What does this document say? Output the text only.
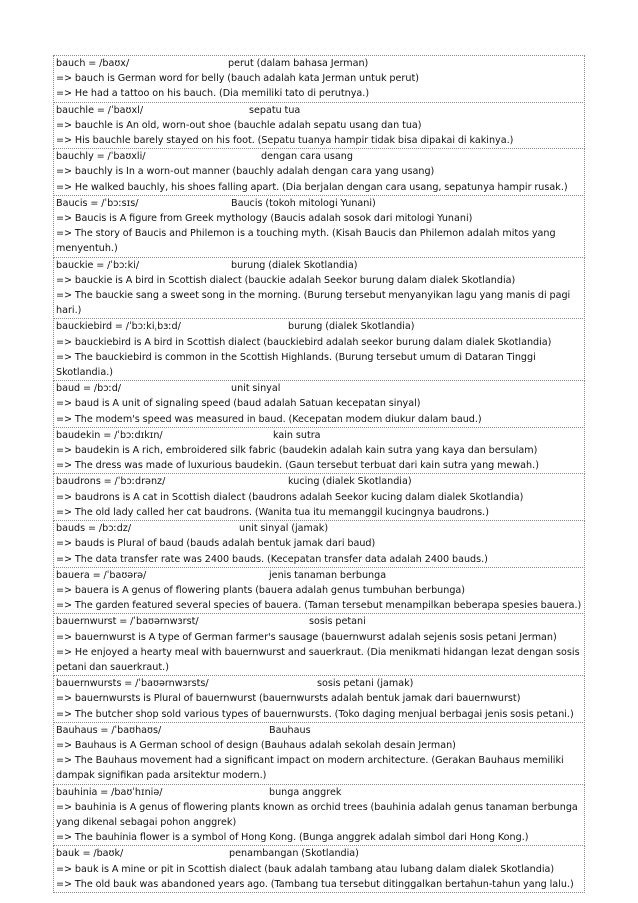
bauch = /baʊx/	perut (dalam bahasa Jerman)
=> bauch is German word for belly (bauch adalah kata Jerman untuk perut)
=> He had a tattoo on his bauch. (Dia memiliki tato di perutnya.)
bauchle = /ˈbaʊxl/	sepatu tua
=> bauchle is An old, worn-out shoe (bauchle adalah sepatu usang dan tua)
=> His bauchle barely stayed on his foot. (Sepatu tuanya hampir tidak bisa dipakai di kakinya.)
bauchly = /ˈbaʊxli/	dengan cara usang
=> bauchly is In a worn-out manner (bauchly adalah dengan cara yang usang)
=> He walked bauchly, his shoes falling apart. (Dia berjalan dengan cara usang, sepatunya hampir rusak.)
Baucis = /ˈbɔːsɪs/	Baucis (tokoh mitologi Yunani)
=> Baucis is A figure from Greek mythology (Baucis adalah sosok dari mitologi Yunani)
=> The story of Baucis and Philemon is a touching myth. (Kisah Baucis dan Philemon adalah mitos yang menyentuh.)
bauckie = /ˈbɔːki/	burung (dialek Skotlandia)
=> bauckie is A bird in Scottish dialect (bauckie adalah Seekor burung dalam dialek Skotlandia)
=> The bauckie sang a sweet song in the morning. (Burung tersebut menyanyikan lagu yang manis di pagi hari.)
bauckiebird = /ˈbɔːkiˌbɜːd/	burung (dialek Skotlandia)
=> bauckiebird is A bird in Scottish dialect (bauckiebird adalah seekor burung dalam dialek Skotlandia)
=> The bauckiebird is common in the Scottish Highlands. (Burung tersebut umum di Dataran Tinggi Skotlandia.)
baud = /bɔːd/	unit sinyal
=> baud is A unit of signaling speed (baud adalah Satuan kecepatan sinyal)
=> The modem's speed was measured in baud. (Kecepatan modem diukur dalam baud.)
baudekin = /ˈbɔːdɪkɪn/	kain sutra
=> baudekin is A rich, embroidered silk fabric (baudekin adalah kain sutra yang kaya dan bersulam)
=> The dress was made of luxurious baudekin. (Gaun tersebut terbuat dari kain sutra yang mewah.)
baudrons = /ˈbɔːdrənz/	kucing (dialek Skotlandia)
=> baudrons is A cat in Scottish dialect (baudrons adalah Seekor kucing dalam dialek Skotlandia)
=> The old lady called her cat baudrons. (Wanita tua itu memanggil kucingnya baudrons.)
bauds = /bɔːdz/	unit sinyal (jamak)
=> bauds is Plural of baud (bauds adalah bentuk jamak dari baud)
=> The data transfer rate was 2400 bauds. (Kecepatan transfer data adalah 2400 bauds.)
bauera = /ˈbaʊərə/	jenis tanaman berbunga
=> bauera is A genus of flowering plants (bauera adalah genus tumbuhan berbunga)
=> The garden featured several species of bauera. (Taman tersebut menampilkan beberapa spesies bauera.)
bauernwurst = /ˈbaʊərnwɜrst/	sosis petani
=> bauernwurst is A type of German farmer's sausage (bauernwurst adalah sejenis sosis petani Jerman)
=> He enjoyed a hearty meal with bauernwurst and sauerkraut. (Dia menikmati hidangan lezat dengan sosis petani dan sauerkraut.)
bauernwursts = /ˈbaʊərnwɜrsts/	sosis petani (jamak)
=> bauernwursts is Plural of bauernwurst (bauernwursts adalah bentuk jamak dari bauernwurst)
=> The butcher shop sold various types of bauernwursts. (Toko daging menjual berbagai jenis sosis petani.)
Bauhaus = /ˈbaʊhaʊs/	Bauhaus
=> Bauhaus is A German school of design (Bauhaus adalah sekolah desain Jerman)
=> The Bauhaus movement had a significant impact on modern architecture. (Gerakan Bauhaus memiliki dampak signifikan pada arsitektur modern.)
bauhinia = /baʊˈhɪniə/	bunga anggrek
=> bauhinia is A genus of flowering plants known as orchid trees (bauhinia adalah genus tanaman berbunga yang dikenal sebagai pohon anggrek)
=> The bauhinia flower is a symbol of Hong Kong. (Bunga anggrek adalah simbol dari Hong Kong.)
bauk = /baʊk/	penambangan (Skotlandia)
=> bauk is A mine or pit in Scottish dialect (bauk adalah tambang atau lubang dalam dialek Skotlandia)
=> The old bauk was abandoned years ago. (Tambang tua tersebut ditinggalkan bertahun-tahun yang lalu.)
